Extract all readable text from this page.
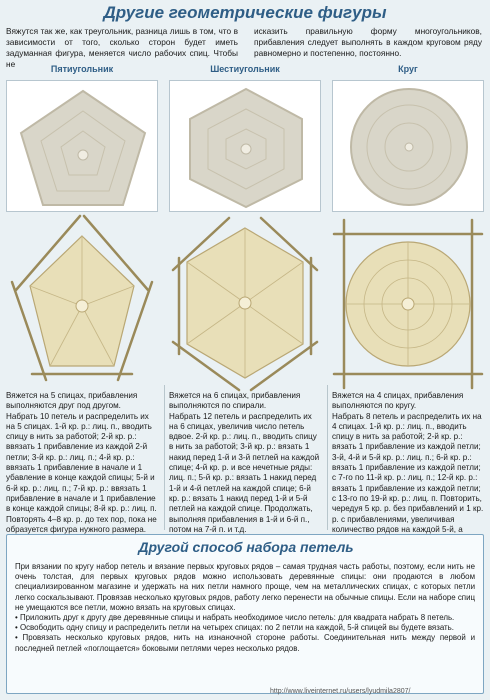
Другие геометрические фигуры
Вяжутся так же, как треугольник, разница лишь в том, что в зависимости от того, сколько сторон будет иметь задуманная фигура, меняется число рабочих спиц. Чтобы не
исказить правильную форму многоугольников, прибавления следует выполнять в каждом круговом ряду равномерно и постепенно, постоянно.
Пятиугольник	Шестиугольник	Круг

Вяжется на 5 спицах, прибавления выполняются друг под другом.

Набрать 10 петель и распределить их на 5 спицах. 1-й кр. р.: лиц. п., вводить спицу в нить за работой; 2-й кр. р.: ввязать 1 прибавление из каждой 2-й петли; 3-й кр. р.: лиц. п.; 4-й кр. р.: ввязать 1 прибавление в начале и 1 убавление в конце каждой спицы; 5-й и 6-й кр. р.: лиц. п.; 7-й кр. р.: ввязать 1 прибавление в начале и 1 прибавление в конце каждой спицы; 8-й кр. р.: лиц. п. Повторять 4–8 кр. р. до тех пор, пока не образуется фигура нужного размера.

Вяжется на 6 спицах, прибавления выполняются по спирали.

Набрать 12 петель и распределить их на 6 спицах, увеличив число петель вдвое. 2-й кр. р.: лиц. п., вводить спицу в нить за работой; 3-й кр. р.: вязать 1 накид перед 1-й и 3-й петлей на каждой спице; 4-й кр. р. и все нечетные ряды: лиц. п.; 5-й кр. р.: вязать 1 накид перед 1-й и 4-й петлей на каждой спице; 6-й кр. р.: вязать 1 накид перед 1-й и 5-й петлей на каждой спице. Продолжать, выполняя прибавления в 1-й и 6-й п., потом на 7-й п. и т.д.

Вяжется на 4 спицах, прибавления выполняются по кругу.

Набрать 8 петель и распределить их на 4 спицах. 1-й кр. р.: лиц. п., вводить спицу в нить за работой; 2-й кр. р.: вязать 1 прибавление из каждой петли; 3-й, 4-й и 5-й кр. р.: лиц. п.; 6-й кр. р.: вязать 1 прибавление из каждой петли; с 7-го по 11-й кр. р.: лиц. п.; 12-й кр. р.: вязать 1 прибавление из каждой петли; с 13-го по 19-й кр. р.: лиц. п. Повторить, чередуя 5 кр. р. без прибавлений и 1 кр. р. с прибавлениями, увеличивая количество рядов на каждой 5-й, а

Другой способ набора петель

При вязании по кругу набор петель и вязание первых круговых рядов – самая трудная часть работы, поэтому, если нить не очень толстая, для первых круговых рядов можно использовать деревянные спицы: они продаются в любом специализированном магазине и удержать на них петли намного проще, чем на металлических спицах, с которых петли легко соскальзывают. Провязав несколько круговых рядов, работу легко перенести на обычные спицы. Если на наборе спиц не умещаются все петли, можно вязать на круговых спицах.

• Приложить друг к другу две деревянные спицы и набрать необходимое число петель: для квадрата набрать 8 петель.

• Освободить одну спицу и распределить петли на четырех спицах: по 2 петли на каждой, 5-й спицей вы будете вязать.

• Провязать несколько круговых рядов, нить на изнаночной стороне работы. Соединительная нить между первой и последней петлей «поглощается» боковыми петлями через несколько рядов.

http://www.liveinternet.ru/users/lyudmila2807/
